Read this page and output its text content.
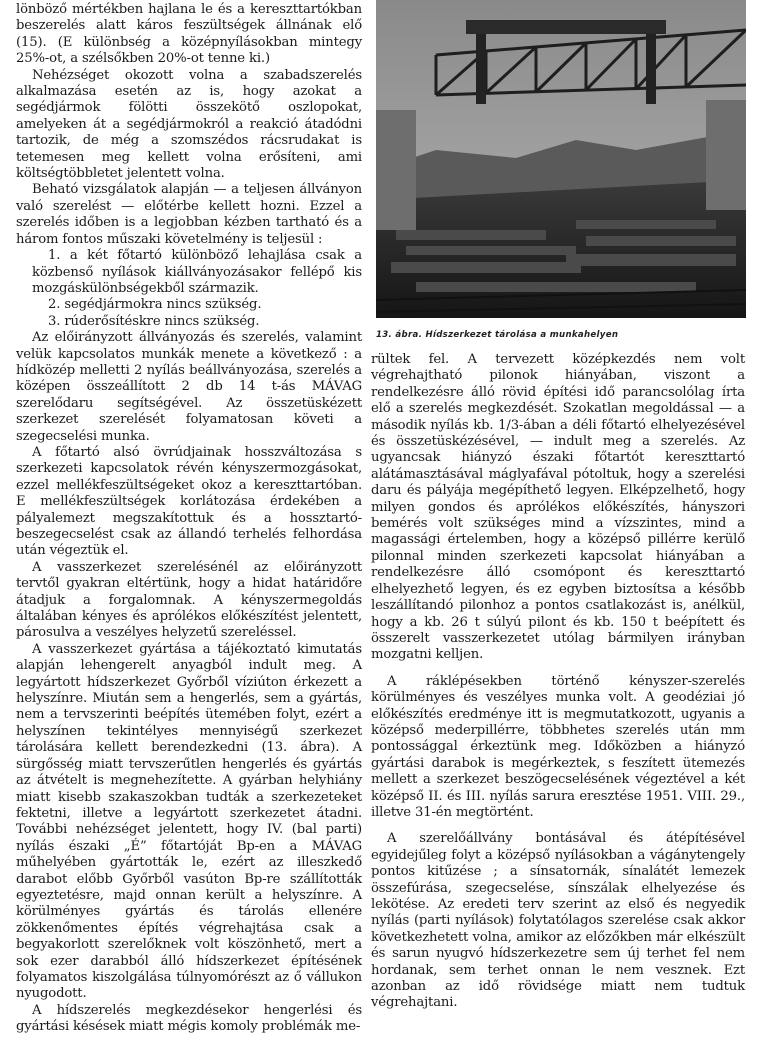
lönböző mértékben hajlana le és a kereszttartókban beszerelés alatt káros feszültségek állnának elő (15). (E különbség a középnyílásokban mintegy 25%-ot, a szélsőkben 20%-ot tenne ki.)

Nehézséget okozott volna a szabadszerelés alkalmazása esetén az is, hogy azokat a segédjármok fölötti összekötő oszlopokat, amelyeken át a segédjármokról a reakció átadódni tartozik, de még a szomszédos rácsrudakat is tetemesen meg kellett volna erősíteni, ami költségtöbbletet jelentett volna.

Beható vizsgálatok alapján — a teljesen állványon való szerelést — előtérbe kellett hozni. Ezzel a szerelés időben is a legjobban kézben tartható és a három fontos műszaki követelmény is teljesül :

1. a két főtartó különböző lehajlása csak a közbenső nyílások kiállványozásakor fellépő kis mozgáskülönbségekből származik.

2. segédjármokra nincs szükség.

3. rúderősítéskre nincs szükség.

Az előirányzott állványozás és szerelés, valamint velük kapcsolatos munkák menete a következő : a hídközép melletti 2 nyílás beállványozása, szerelés a középen összeállított 2 db 14 t-ás MÁVAG szerelődaru segítségével. Az összetüskézett szerkezet szerelését folyamatosan követi a szegecselési munka.

A főtartó alsó övrúdjainak hosszváltozása s szerkezeti kapcsolatok révén kényszermozgásokat, ezzel mellékfeszültségeket okoz a kereszttartóban. E mellékfeszültségek korlátozása érdekében a pályalemezt megszakítottuk és a hossztartó-beszegecselést csak az állandó terhelés felhordása után végeztük el.

A vasszerkezet szerelésénél az előirányzott tervtől gyakran eltértünk, hogy a hidat határidőre átadjuk a forgalomnak. A kényszermegoldás általában kényes és aprólékos előkészítést jelentett, párosulva a veszélyes helyzetű szereléssel.

A vasszerkezet gyártása a tájékoztató kimutatás alapján lehengerelt anyagból indult meg. A legyártott hídszerkezet Győrből víziúton érkezett a helyszínre. Miután sem a hengerlés, sem a gyártás, nem a tervszerinti beépítés ütemében folyt, ezért a helyszínen tekintélyes mennyiségű szerkezet tárolására kellett berendezkedni (13. ábra). A sürgősség miatt tervszerűtlen hengerlés és gyártás az átvételt is megnehezítette. A gyárban helyhiány miatt kisebb szakaszokban tudták a szerkezeteket fektetni, illetve a legyártott szerkezetet átadni. További nehézséget jelentett, hogy IV. (bal parti) nyílás északi „É” főtartóját Bp-en a MÁVAG műhelyében gyártották le, ezért az illeszkedő darabot előbb Győrből vasúton Bp-re szállították egyeztetésre, majd onnan került a helyszínre. A körülményes gyártás és tárolás ellenére zökkenőmentes építés végrehajtása csak a begyakorlott szerelőknek volt köszönhető, mert a sok ezer darabból álló hídszerkezet építésének folyamatos kiszolgálása túlnyomórészt az ő vállukon nyugodott.

A hídszerelés megkezdésekor hengerlési és gyártási késések miatt mégis komoly problémák me-

13. ábra. Hídszerkezet tárolása a munkahelyen

rültek fel. A tervezett középkezdés nem volt végrehajtható pilonok hiányában, viszont a rendelkezésre álló rövid építési idő parancsolólag írta elő a szerelés megkezdését. Szokatlan megoldással — a második nyílás kb. 1/3-ában a déli főtartó elhelyezésével és összetüskézésével, — indult meg a szerelés. Az ugyancsak hiányzó északi főtartót kereszttartó alátámasztásával máglyafával pótoltuk, hogy a szerelési daru és pályája megépíthető legyen. Elképzelhető, hogy milyen gondos és aprólékos előkészítés, hányszori bemérés volt szükséges mind a vízszintes, mind a magassági értelemben, hogy a középső pillérre kerülő pilonnal minden szerkezeti kapcsolat hiányában a rendelkezésre álló csomópont és kereszttartó elhelyezhető legyen, és ez egyben biztosítsa a később leszállítandó pilonhoz a pontos csatlakozást is, anélkül, hogy a kb. 26 t súlyú pilont és kb. 150 t beépített és összerelt vasszerkezetet utólag bármilyen irányban mozgatni kelljen.

A ráklépésekben történő kényszer-szerelés körülményes és veszélyes munka volt. A geodéziai jó előkészítés eredménye itt is megmutatkozott, ugyanis a középső mederpillérre, többhetes szerelés után mm pontossággal érkeztünk meg. Időközben a hiányzó gyártási darabok is megérkeztek, s feszített ütemezés mellett a szerkezet beszögecselésének végeztével a két középső II. és III. nyílás sarura eresztése 1951. VIII. 29., illetve 31-én megtörtént.

A szerelőállvány bontásával és átépítésével egyidejűleg folyt a középső nyílásokban a vágánytengely pontos kitűzése ; a sínsatornák, sínalátét lemezek összefúrása, szegecselése, sínszálak elhelyezése és lekötése. Az eredeti terv szerint az első és negyedik nyílás (parti nyílások) folytatólagos szerelése csak akkor következhetett volna, amikor az előzőkben már elkészült és sarun nyugvó hídszerkezetre sem új terhet fel nem hordanak, sem terhet onnan le nem vesznek. Ezt azonban az idő rövidsége miatt nem tudtuk végrehajtani.
